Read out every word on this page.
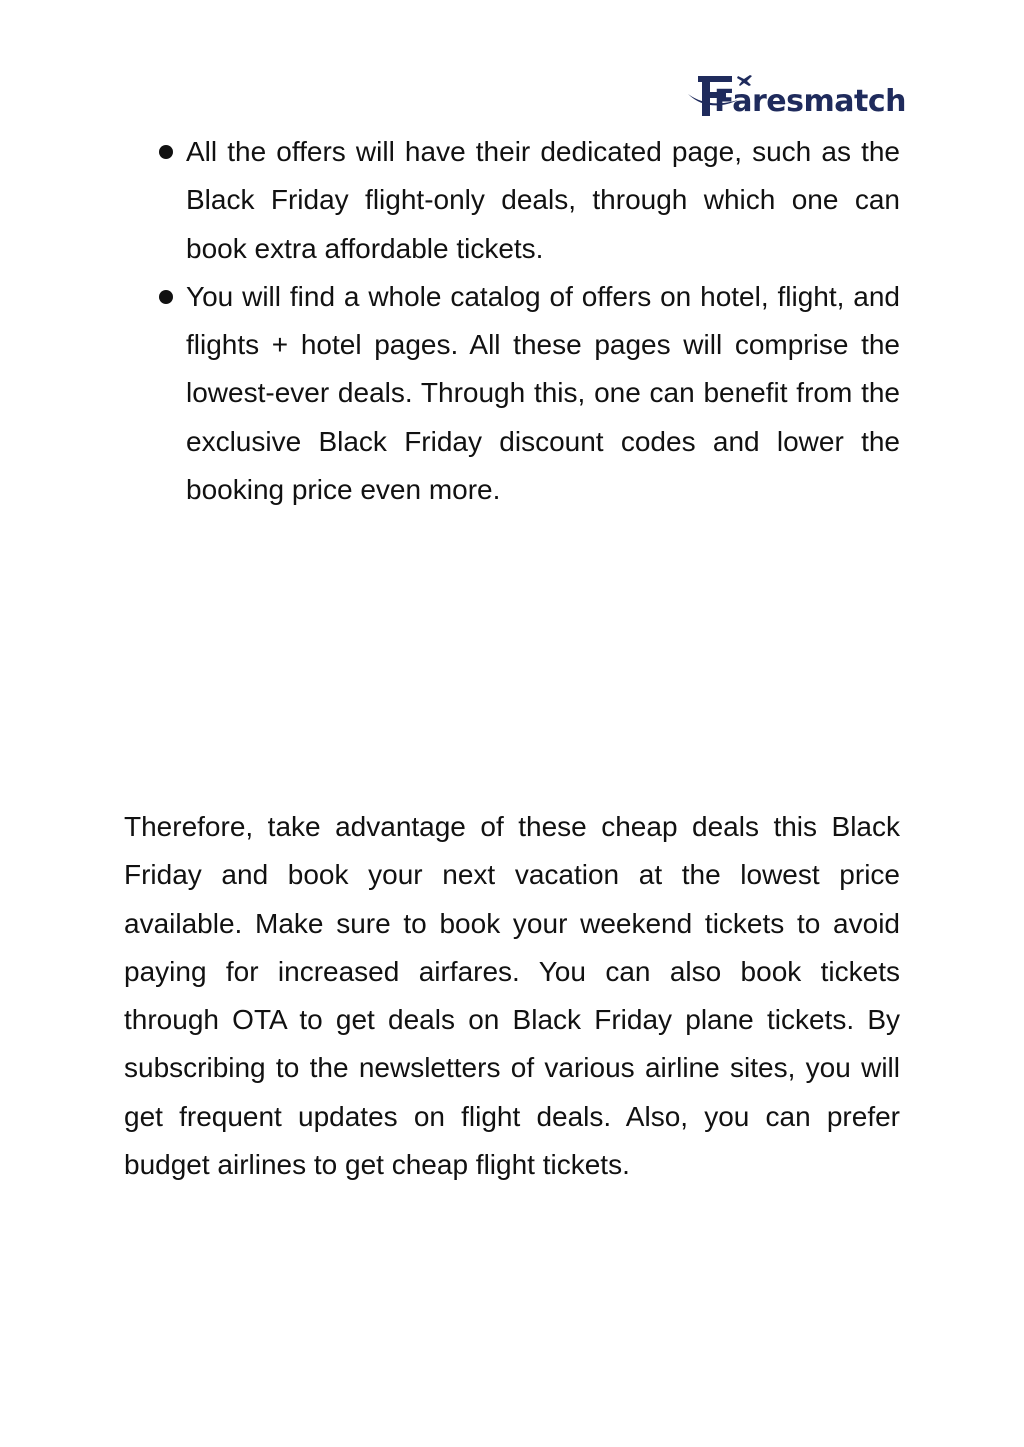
Faresmatch
All the offers will have their dedicated page, such as the Black Friday flight-only deals, through which one can book extra affordable tickets.
You will find a whole catalog of offers on hotel, flight, and flights + hotel pages. All these pages will comprise the lowest-ever deals. Through this, one can benefit from the exclusive Black Friday discount codes and lower the booking price even more.

Therefore, take advantage of these cheap deals this Black Friday and book your next vacation at the lowest price available. Make sure to book your weekend tickets to avoid paying for increased airfares. You can also book tickets through OTA to get deals on Black Friday plane tickets. By subscribing to the newsletters of various airline sites, you will get frequent updates on flight deals. Also, you can prefer budget airlines to get cheap flight tickets.
